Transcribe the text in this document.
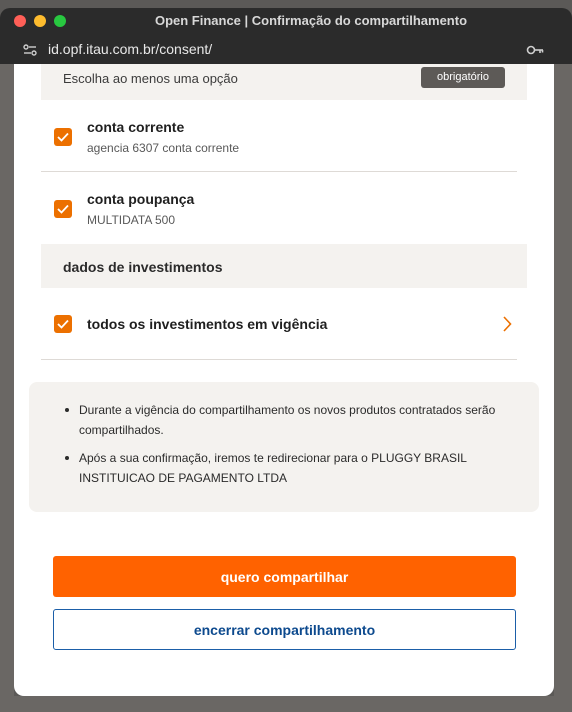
Open Finance | Confirmação do compartilhamento
id.opf.itau.com.br/consent/
Escolha ao menos uma opção	obrigatório
conta corrente
agencia 6307 conta corrente
conta poupança
MULTIDATA 500
dados de investimentos
todos os investimentos em vigência
Durante a vigência do compartilhamento os novos produtos contratados serão compartilhados.
Após a sua confirmação, iremos te redirecionar para o PLUGGY BRASIL INSTITUICAO DE PAGAMENTO LTDA
quero compartilhar
encerrar compartilhamento
